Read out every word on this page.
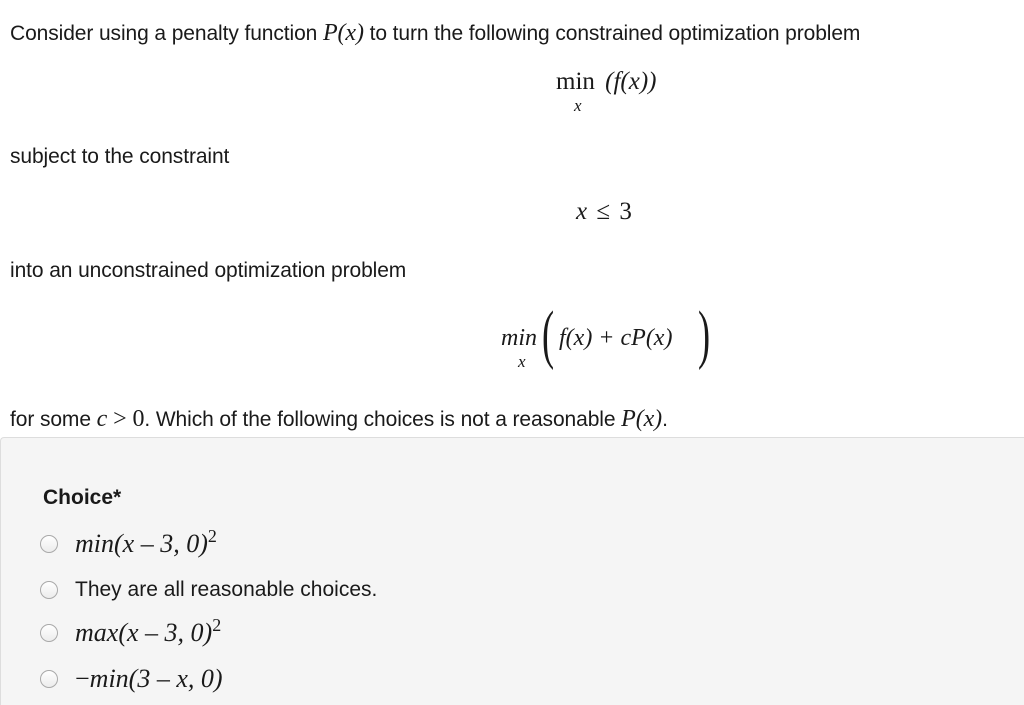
Consider using a penalty function P(x) to turn the following constrained optimization problem
min (f(x))
x
subject to the constraint
x ≤ 3
into an unconstrained optimization problem
min
x ( f(x) + cP(x) )
for some c > 0. Which of the following choices is not a reasonable P(x).
Choice*
min(x – 3, 0)$^2$
They are all reasonable choices.
max(x – 3, 0)$^2$
−min(3 – x, 0)
